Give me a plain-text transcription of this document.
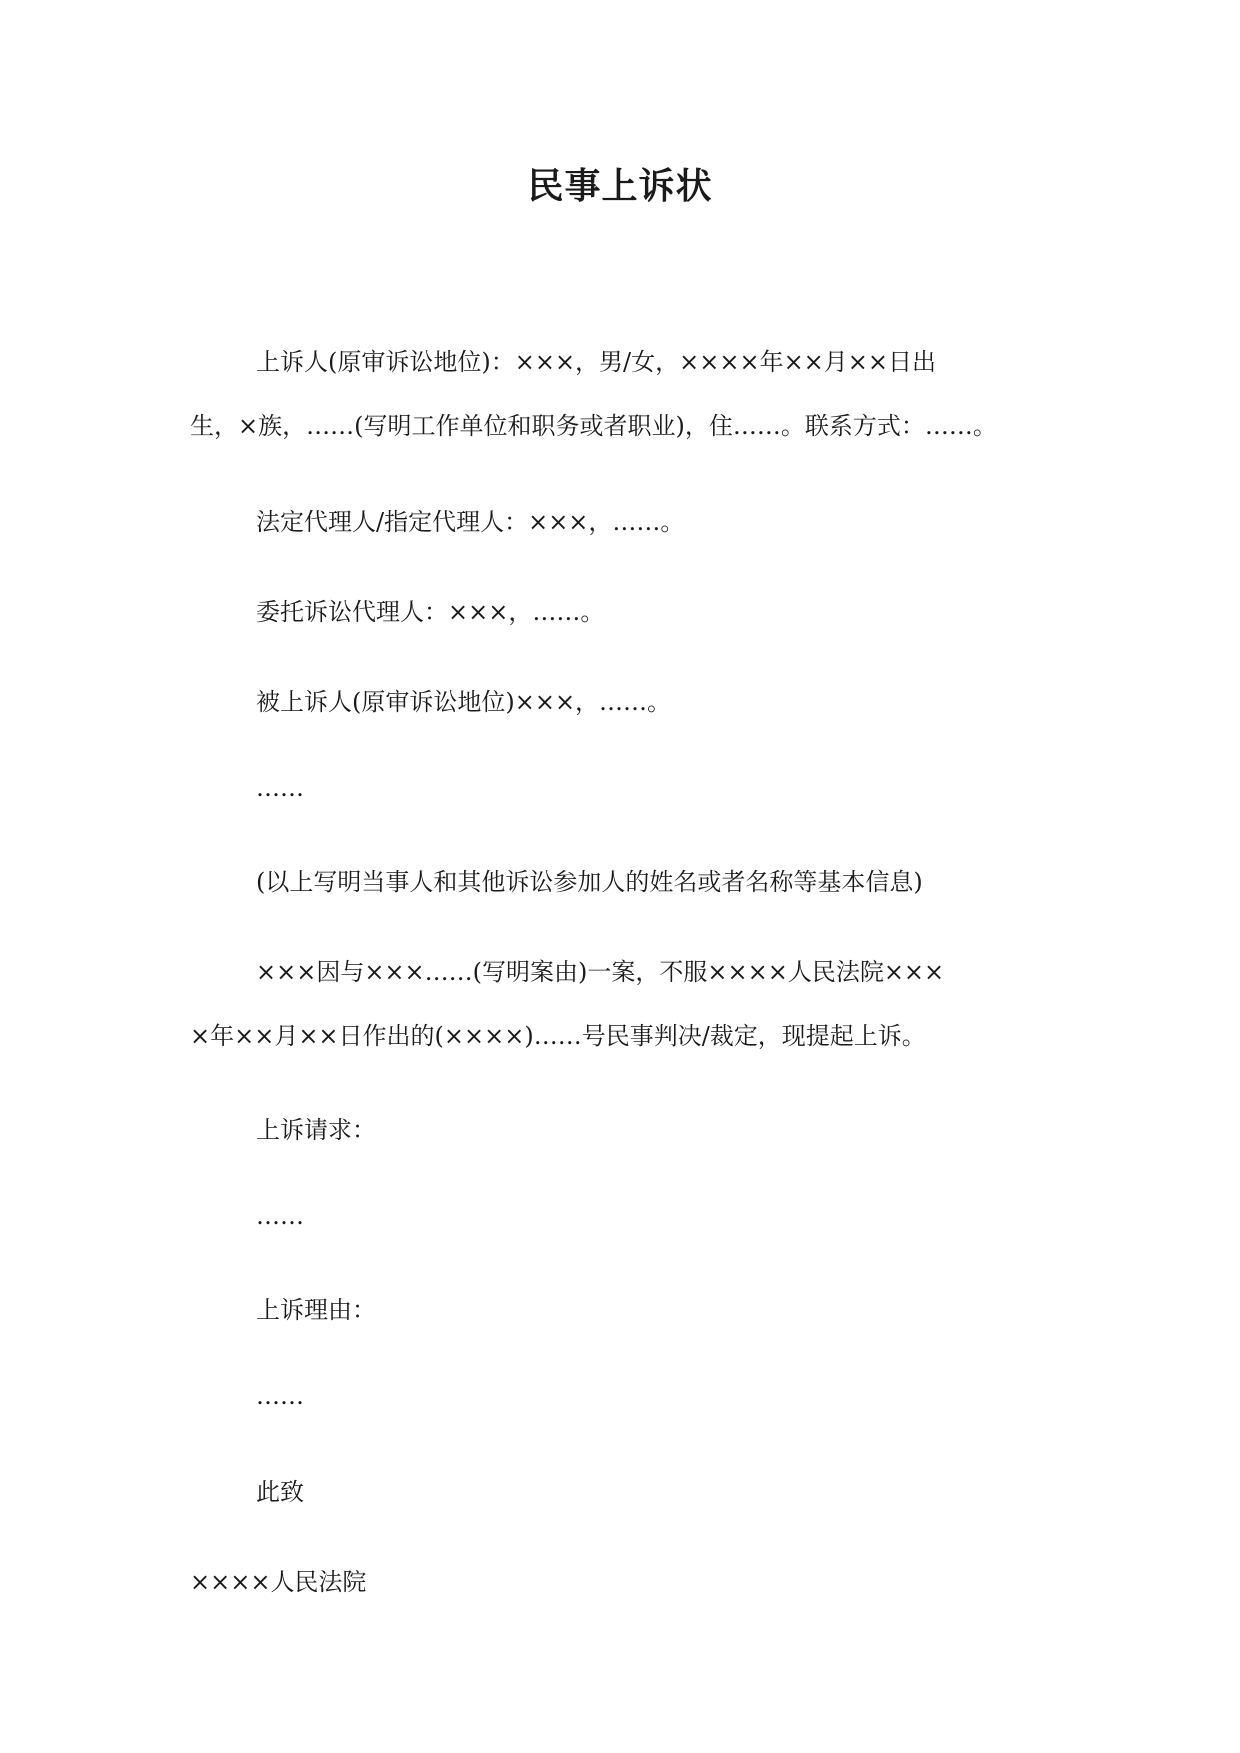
民事上诉状
上诉人(原审诉讼地位)：×××，男/女，××××年××月××日出
生，×族，……(写明工作单位和职务或者职业)，住……。联系方式：……。
法定代理人/指定代理人：×××，……。
委托诉讼代理人：×××，……。
被上诉人(原审诉讼地位)×××，……。
……
(以上写明当事人和其他诉讼参加人的姓名或者名称等基本信息)
×××因与×××……(写明案由)一案，不服××××人民法院×××
×年××月××日作出的(××××)……号民事判决/裁定，现提起上诉。
上诉请求：
……
上诉理由：
……
此致
××××人民法院
